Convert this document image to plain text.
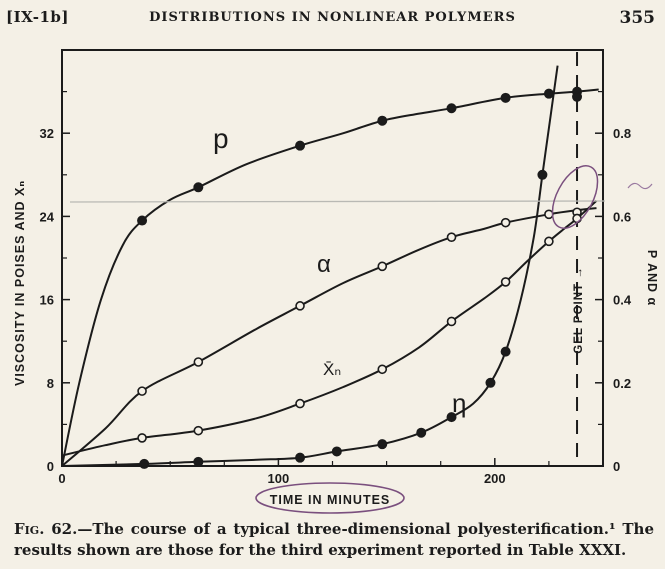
[IX-1b]	DISTRIBUTIONS IN NONLINEAR POLYMERS	355
0	100	200
0
8
16
24
32
0
0.2
0.4
0.6
0.8
p
α
X̄ₙ
η
TIME IN MINUTES
VISCOSITY IN POISES AND Xₙ	P AND α
GEL POINT →
Fig. 62.—The course of a typical three-dimensional polyesterification.¹ The results shown are those for the third experiment reported in Table XXXI.
